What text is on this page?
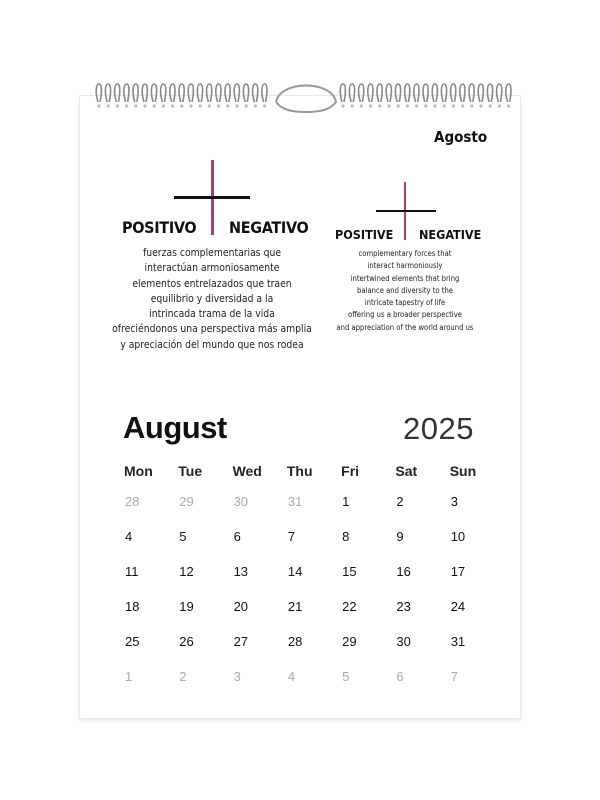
Agosto
POSITIVO NEGATIVO
fuerzas complementarias que
interactúan armoniosamente
elementos entrelazados que traen
equilibrio y diversidad a la
intrincada trama de la vida
ofreciéndonos una perspectiva más amplia
y apreciación del mundo que nos rodea
POSITIVE NEGATIVE
complementary forces that
interact harmoniously
intertwined elements that bring
balance and diversity to the
intricate tapestry of life
offering us a broader perspective
and appreciation of the world around us
August	2025
Mon	Tue	Wed	Thu	Fri	Sat	Sun
28	29	30	31	1	2	3
4	5	6	7	8	9	10
11	12	13	14	15	16	17
18	19	20	21	22	23	24
25	26	27	28	29	30	31
1	2	3	4	5	6	7
